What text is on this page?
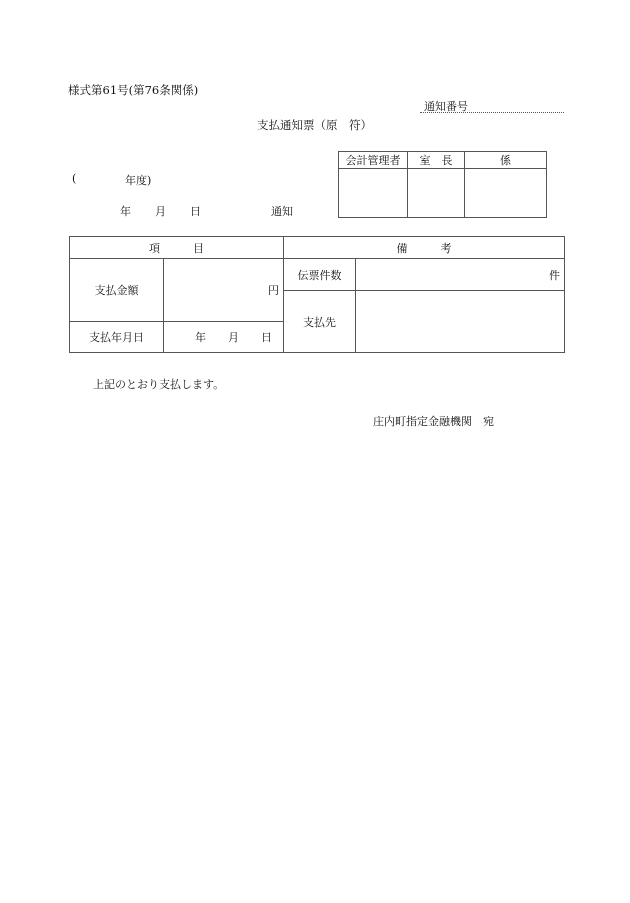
様式第61号(第76条関係)
通知番号
支払通知票（原　符）
会計管理者	室　長	係

(	年度)
年 月 日	通知
項　　　目		備　　　考	
支払金額	円	伝票件数	件
		支払先	
支払年月日	年　　月　　日		
上記のとおり支払します。
庄内町指定金融機関　宛
